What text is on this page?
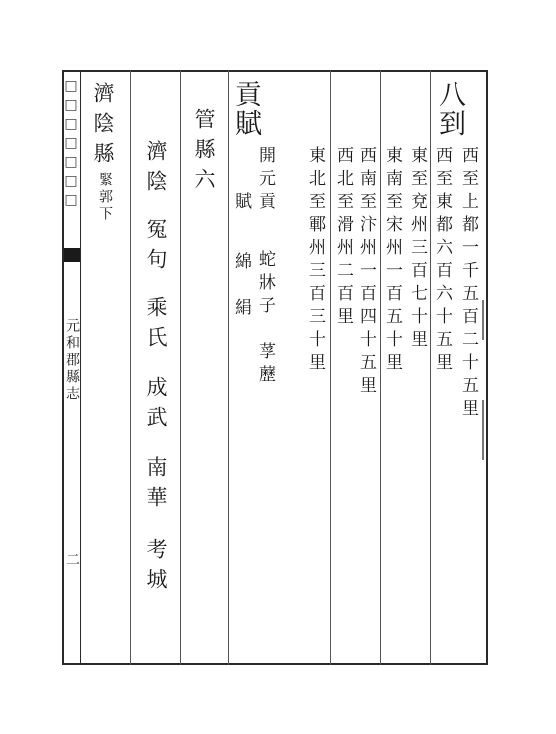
□□□□□□□
元和郡縣志
二
八到
西至上都一千五百二十五里
西至東都六百六十五里
東至兗州三百七十里
東南至宋州一百五十里
西南至汴州一百四十五里
西北至滑州二百里
東北至鄆州三百三十里
貢賦
開元貢
蛇牀子　莩藶
賦
綿　絹
管縣六
濟陰
冤句
乘氏
成武
南華
考城
濟陰縣
緊郭下
